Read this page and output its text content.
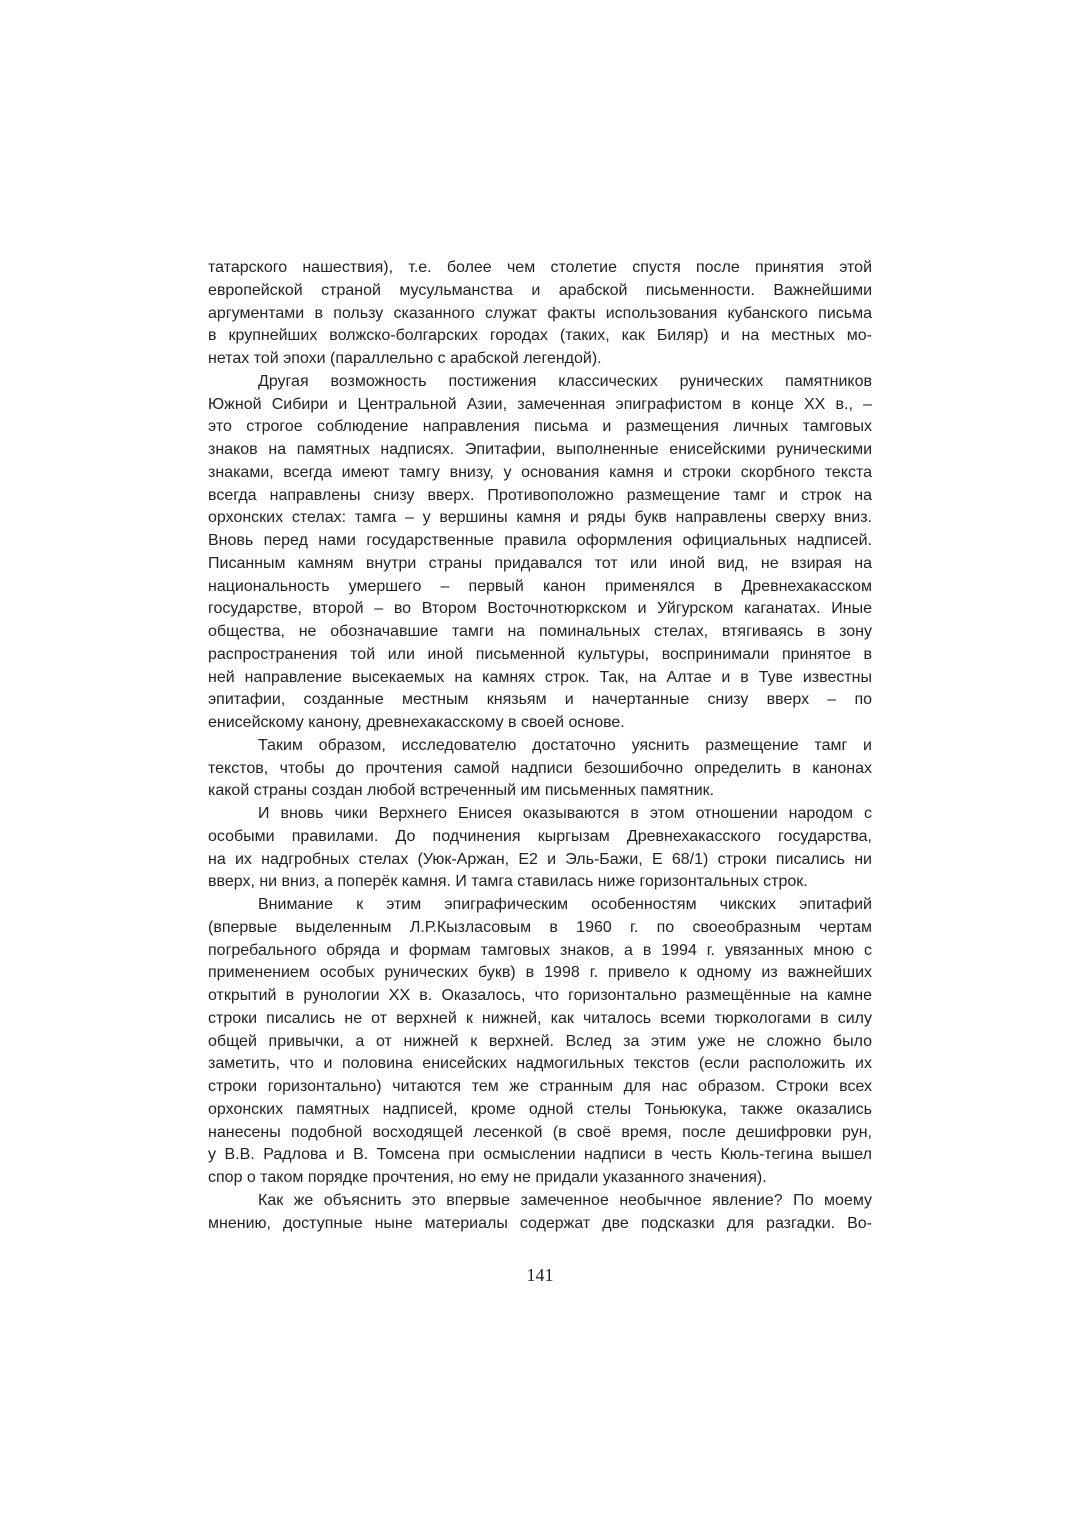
татарского нашествия), т.е. более чем столетие спустя после принятия этой
европейской страной мусульманства и арабской письменности. Важнейшими
аргументами в пользу сказанного служат факты использования кубанского письма
в крупнейших волжско-болгарских городах (таких, как Биляр) и на местных мо-
нетах той эпохи (параллельно с арабской легендой).
Другая возможность постижения классических рунических памятников
Южной Сибири и Центральной Азии, замеченная эпиграфистом в конце XX в., –
это строгое соблюдение направления письма и размещения личных тамговых
знаков на памятных надписях. Эпитафии, выполненные енисейскими руническими
знаками, всегда имеют тамгу внизу, у основания камня и строки скорбного текста
всегда направлены снизу вверх. Противоположно размещение тамг и строк на
орхонских стелах: тамга – у вершины камня и ряды букв направлены сверху вниз.
Вновь перед нами государственные правила оформления официальных надписей.
Писанным камням внутри страны придавался тот или иной вид, не взирая на
национальность умершего – первый канон применялся в Древнехакасском
государстве, второй – во Втором Восточнотюркском и Уйгурском каганатах. Иные
общества, не обозначавшие тамги на поминальных стелах, втягиваясь в зону
распространения той или иной письменной культуры, воспринимали принятое в
ней направление высекаемых на камнях строк. Так, на Алтае и в Туве известны
эпитафии, созданные местным князьям и начертанные снизу вверх – по
енисейскому канону, древнехакасскому в своей основе.
Таким образом, исследователю достаточно уяснить размещение тамг и
текстов, чтобы до прочтения самой надписи безошибочно определить в канонах
какой страны создан любой встреченный им письменных памятник.
И вновь чики Верхнего Енисея оказываются в этом отношении народом с
особыми правилами. До подчинения кыргызам Древнехакасского государства,
на их надгробных стелах (Уюк-Аржан, Е2 и Эль-Бажи, Е 68/1) строки писались ни
вверх, ни вниз, а поперёк камня. И тамга ставилась ниже горизонтальных строк.
Внимание к этим эпиграфическим особенностям чикских эпитафий
(впервые выделенным Л.Р.Кызласовым в 1960 г. по своеобразным чертам
погребального обряда и формам тамговых знаков, а в 1994 г. увязанных мною с
применением особых рунических букв) в 1998 г. привело к одному из важнейших
открытий в рунологии XX в. Оказалось, что горизонтально размещённые на камне
строки писались не от верхней к нижней, как читалось всеми тюркологами в силу
общей привычки, а от нижней к верхней. Вслед за этим уже не сложно было
заметить, что и половина енисейских надмогильных текстов (если расположить их
строки горизонтально) читаются тем же странным для нас образом. Строки всех
орхонских памятных надписей, кроме одной стелы Тоньюкука, также оказались
нанесены подобной восходящей лесенкой (в своё время, после дешифровки рун,
у В.В. Радлова и В. Томсена при осмыслении надписи в честь Кюль-тегина вышел
спор о таком порядке прочтения, но ему не придали указанного значения).
Как же объяснить это впервые замеченное необычное явление? По моему
мнению, доступные ныне материалы содержат две подсказки для разгадки. Во-
141
